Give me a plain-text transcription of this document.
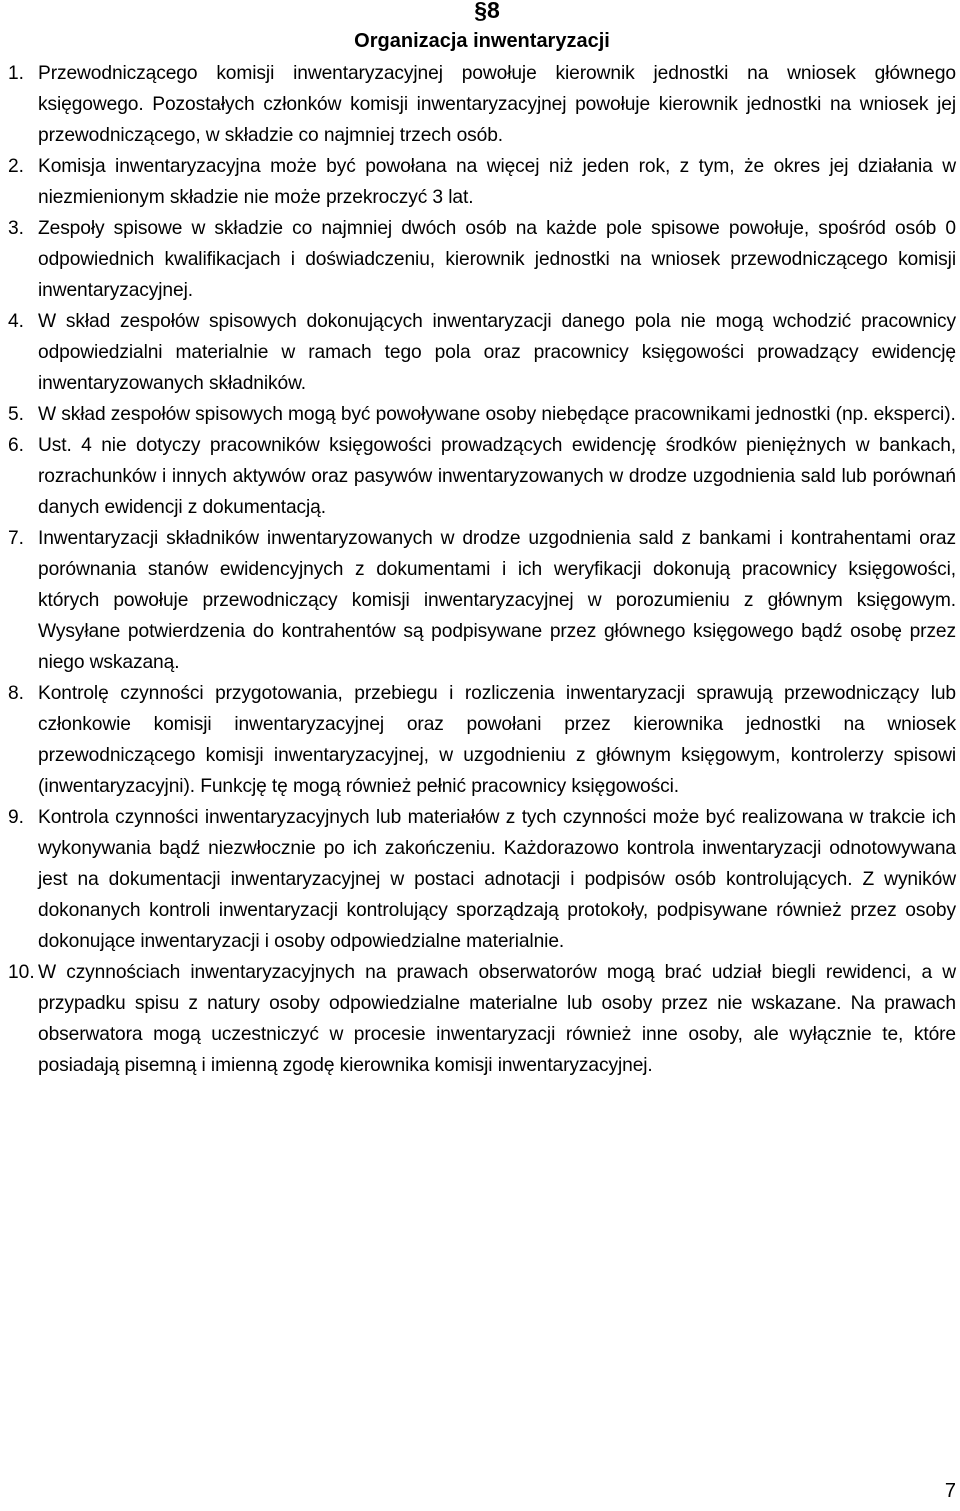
§8
Organizacja inwentaryzacji
1. Przewodniczącego komisji inwentaryzacyjnej powołuje kierownik jednostki na wniosek głównego księgowego. Pozostałych członków komisji inwentaryzacyjnej powołuje kierownik jednostki na wniosek jej przewodniczącego, w składzie co najmniej trzech osób.
2. Komisja inwentaryzacyjna może być powołana na więcej niż jeden rok, z tym, że okres jej działania w niezmienionym składzie nie może przekroczyć 3 lat.
3. Zespoły spisowe w składzie co najmniej dwóch osób na każde pole spisowe powołuje, spośród osób 0 odpowiednich kwalifikacjach i doświadczeniu, kierownik jednostki na wniosek przewodniczącego komisji inwentaryzacyjnej.
4. W skład zespołów spisowych dokonujących inwentaryzacji danego pola nie mogą wchodzić pracownicy odpowiedzialni materialnie w ramach tego pola oraz pracownicy księgowości prowadzący ewidencję inwentaryzowanych składników.
5. W skład zespołów spisowych mogą być powoływane osoby niebędące pracownikami jednostki (np. eksperci).
6. Ust. 4 nie dotyczy pracowników księgowości prowadzących ewidencję środków pieniężnych w bankach, rozrachunków i innych aktywów oraz pasywów inwentaryzowanych w drodze uzgodnienia sald lub porównań danych ewidencji z dokumentacją.
7. Inwentaryzacji składników inwentaryzowanych w drodze uzgodnienia sald z bankami i kontrahentami oraz porównania stanów ewidencyjnych z dokumentami i ich weryfikacji dokonują pracownicy księgowości, których powołuje przewodniczący komisji inwentaryzacyjnej w porozumieniu z głównym księgowym. Wysyłane potwierdzenia do kontrahentów są podpisywane przez głównego księgowego bądź osobę przez niego wskazaną.
8. Kontrolę czynności przygotowania, przebiegu i rozliczenia inwentaryzacji sprawują przewodniczący lub członkowie komisji inwentaryzacyjnej oraz powołani przez kierownika jednostki na wniosek przewodniczącego komisji inwentaryzacyjnej, w uzgodnieniu z głównym księgowym, kontrolerzy spisowi (inwentaryzacyjni). Funkcję tę mogą również pełnić pracownicy księgowości.
9. Kontrola czynności inwentaryzacyjnych lub materiałów z tych czynności może być realizowana w trakcie ich wykonywania bądź niezwłocznie po ich zakończeniu. Każdorazowo kontrola inwentaryzacji odnotowywana jest na dokumentacji inwentaryzacyjnej w postaci adnotacji i podpisów osób kontrolujących. Z wyników dokonanych kontroli inwentaryzacji kontrolujący sporządzają protokoły, podpisywane również przez osoby dokonujące inwentaryzacji i osoby odpowiedzialne materialnie.
10. W czynnościach inwentaryzacyjnych na prawach obserwatorów mogą brać udział biegli rewidenci, a w przypadku spisu z natury osoby odpowiedzialne materialne lub osoby przez nie wskazane. Na prawach obserwatora mogą uczestniczyć w procesie inwentaryzacji również inne osoby, ale wyłącznie te, które posiadają pisemną i imienną zgodę kierownika komisji inwentaryzacyjnej.
7
